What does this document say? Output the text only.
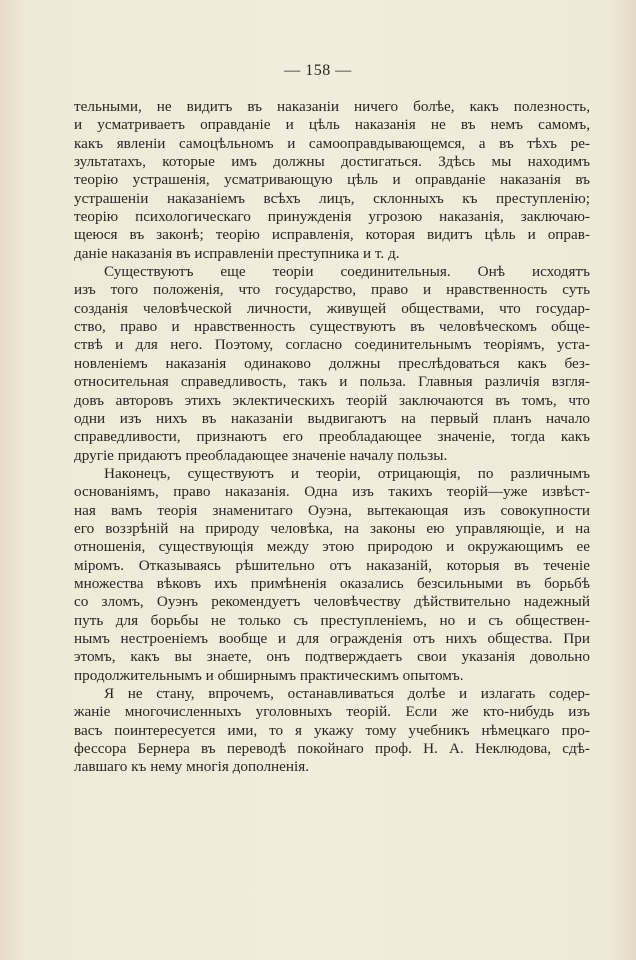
— 158 —
тельными, не видитъ въ наказаніи ничего болѣе, какъ полезность,
и усматриваетъ оправданіе и цѣль наказанія не въ немъ самомъ,
какъ явленіи самоцѣльномъ и самооправдывающемся, а въ тѣхъ ре-
зультатахъ, которые имъ должны достигаться. Здѣсь мы находимъ
теорію устрашенія, усматривающую цѣль и оправданіе наказанія въ
устрашеніи наказаніемъ всѣхъ лицъ, склонныхъ къ преступленію;
теорію психологическаго принужденія угрозою наказанія, заключаю-
щеюся въ законѣ; теорію исправленія, которая видитъ цѣль и оправ-
даніе наказанія въ исправленіи преступника и т. д.
Существуютъ еще теоріи соединительныя. Онѣ исходятъ
изъ того положенія, что государство, право и нравственность суть
созданія человѣческой личности, живущей обществами, что государ-
ство, право и нравственность существуютъ въ человѣческомъ обще-
ствѣ и для него. Поэтому, согласно соединительнымъ теоріямъ, уста-
новленіемъ наказанія одинаково должны преслѣдоваться какъ без-
относительная справедливость, такъ и польза. Главныя различія взгля-
довъ авторовъ этихъ эклектическихъ теорій заключаются въ томъ, что
одни изъ нихъ въ наказаніи выдвигаютъ на первый планъ начало
справедливости, признаютъ его преобладающее значеніе, тогда какъ
другіе придаютъ преобладающее значеніе началу пользы.
Наконецъ, существуютъ и теоріи, отрицающія, по различнымъ
основаніямъ, право наказанія. Одна изъ такихъ теорій—уже извѣст-
ная вамъ теорія знаменитаго Оуэна, вытекающая изъ совокупности
его воззрѣній на природу человѣка, на законы ею управляющіе, и на
отношенія, существующія между этою природою и окружающимъ ее
міромъ. Отказываясь рѣшительно отъ наказаній, которыя въ теченіе
множества вѣковъ ихъ примѣненія оказались безсильными въ борьбѣ
со зломъ, Оуэнъ рекомендуетъ человѣчеству дѣйствительно надежный
путь для борьбы не только съ преступленіемъ, но и съ обществен-
нымъ нестроеніемъ вообще и для огражденія отъ нихъ общества. При
этомъ, какъ вы знаете, онъ подтверждаетъ свои указанія довольно
продолжительнымъ и обширнымъ практическимъ опытомъ.
Я не стану, впрочемъ, останавливаться долѣе и излагать содер-
жаніе многочисленныхъ уголовныхъ теорій. Если же кто-нибудь изъ
васъ поинтересуется ими, то я укажу тому учебникъ нѣмецкаго про-
фессора Бернера въ переводѣ покойнаго проф. Н. А. Неклюдова, сдѣ-
лавшаго къ нему многія дополненія.
